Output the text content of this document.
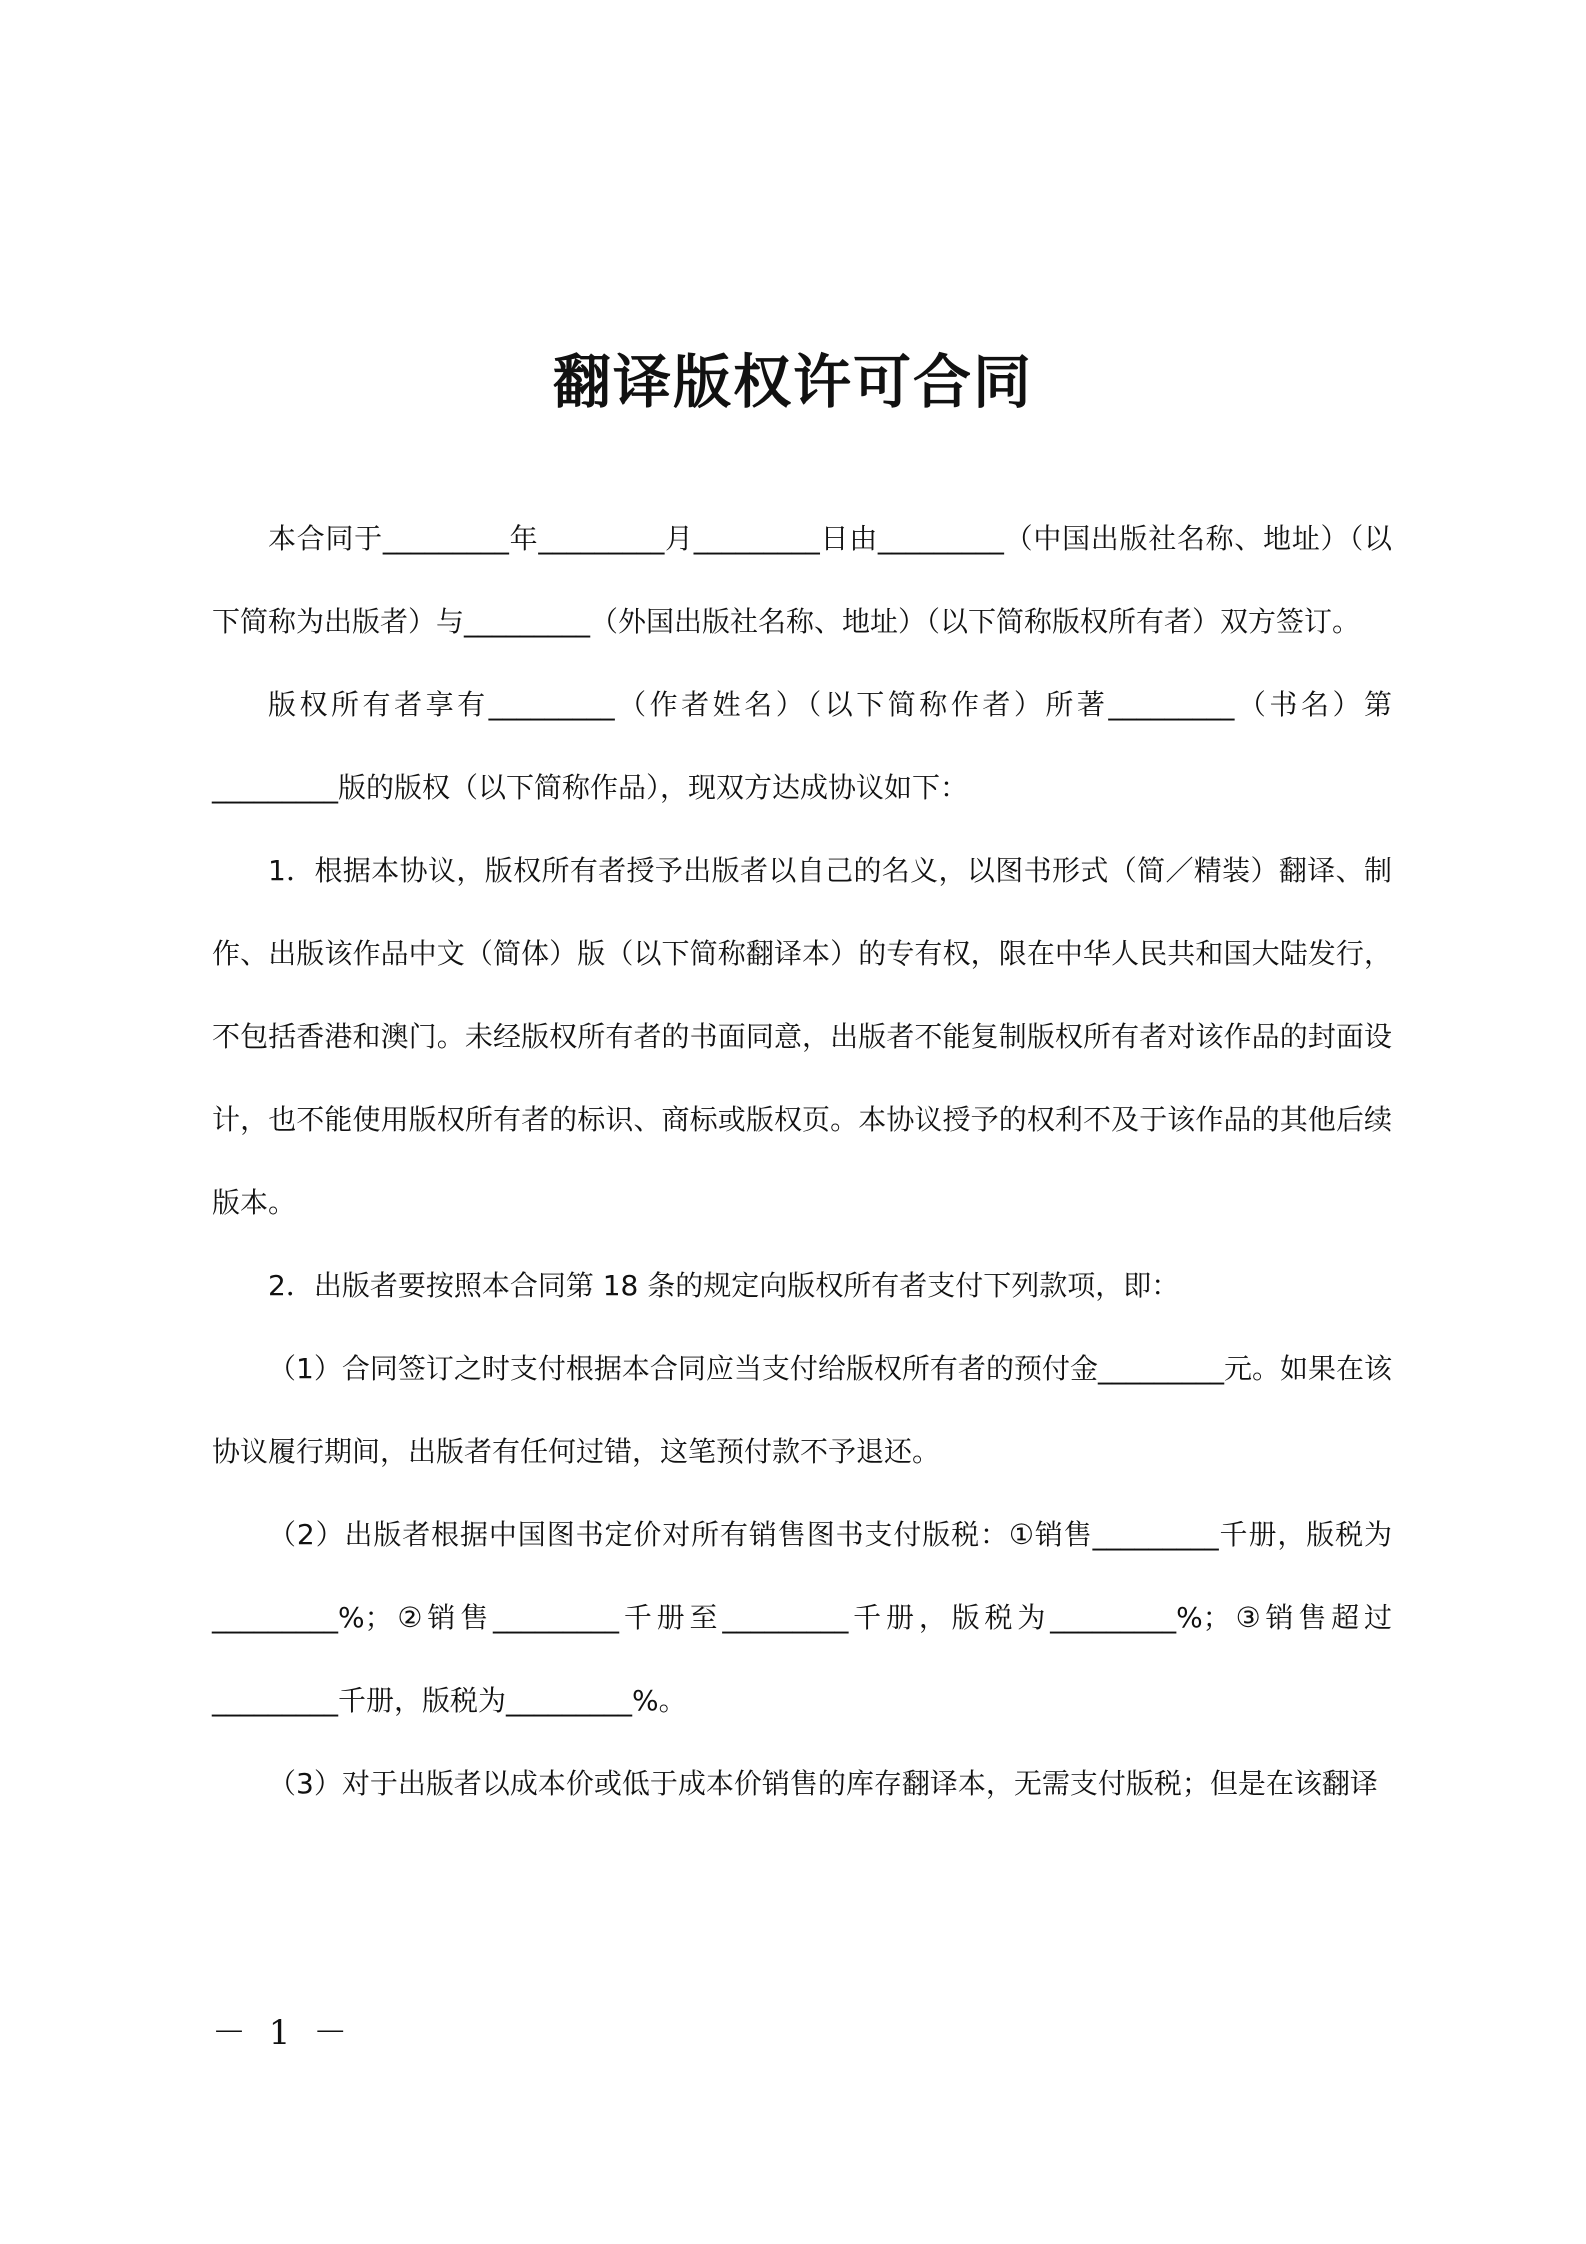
翻译版权许可合同

本合同于_________年_________月_________日由_________（中国出版社名称、地址）（以下简称为出版者）与_________（外国出版社名称、地址）（以下简称版权所有者）双方签订。

版权所有者享有_________（作者姓名）（以下简称作者）所著_________（书名）第_________版的版权（以下简称作品），现双方达成协议如下：

1．根据本协议，版权所有者授予出版者以自己的名义，以图书形式（简／精装）翻译、制作、出版该作品中文（简体）版（以下简称翻译本）的专有权，限在中华人民共和国大陆发行，不包括香港和澳门。未经版权所有者的书面同意，出版者不能复制版权所有者对该作品的封面设计，也不能使用版权所有者的标识、商标或版权页。本协议授予的权利不及于该作品的其他后续版本。

2．出版者要按照本合同第 18 条的规定向版权所有者支付下列款项，即：

（1）合同签订之时支付根据本合同应当支付给版权所有者的预付金_________元。如果在该协议履行期间，出版者有任何过错，这笔预付款不予退还。

（2）出版者根据中国图书定价对所有销售图书支付版税：①销售_________千册，版税为_________%；②销售_________千册至_________千册，版税为_________%；③销售超过_________千册，版税为_________%。

（3）对于出版者以成本价或低于成本价销售的库存翻译本，无需支付版税；但是在该翻译

－ 1 －
